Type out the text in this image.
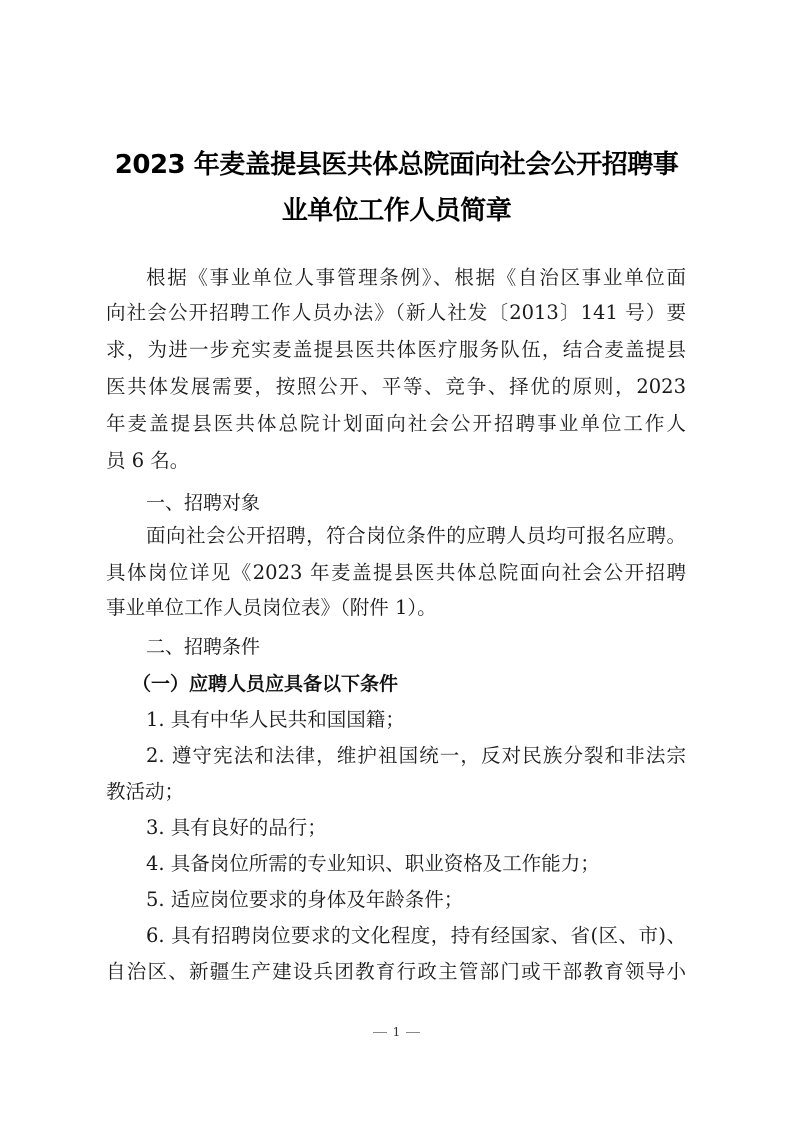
2023 年麦盖提县医共体总院面向社会公开招聘事
业单位工作人员简章
根据《事业单位人事管理条例》、根据《自治区事业单位面
向社会公开招聘工作人员办法》（新人社发〔2013〕141 号）要
求，为进一步充实麦盖提县医共体医疗服务队伍，结合麦盖提县
医共体发展需要，按照公开、平等、竞争、择优的原则，2023
年麦盖提县医共体总院计划面向社会公开招聘事业单位工作人
员 6 名。
一、招聘对象
面向社会公开招聘，符合岗位条件的应聘人员均可报名应聘。
具体岗位详见《2023 年麦盖提县医共体总院面向社会公开招聘
事业单位工作人员岗位表》（附件 1）。
二、招聘条件
（一）应聘人员应具备以下条件
1. 具有中华人民共和国国籍；
2. 遵守宪法和法律，维护祖国统一，反对民族分裂和非法宗
教活动；
3. 具有良好的品行；
4. 具备岗位所需的专业知识、职业资格及工作能力；
5. 适应岗位要求的身体及年龄条件；
6. 具有招聘岗位要求的文化程度，持有经国家、省(区、市)、
自治区、新疆生产建设兵团教育行政主管部门或干部教育领导小
1
